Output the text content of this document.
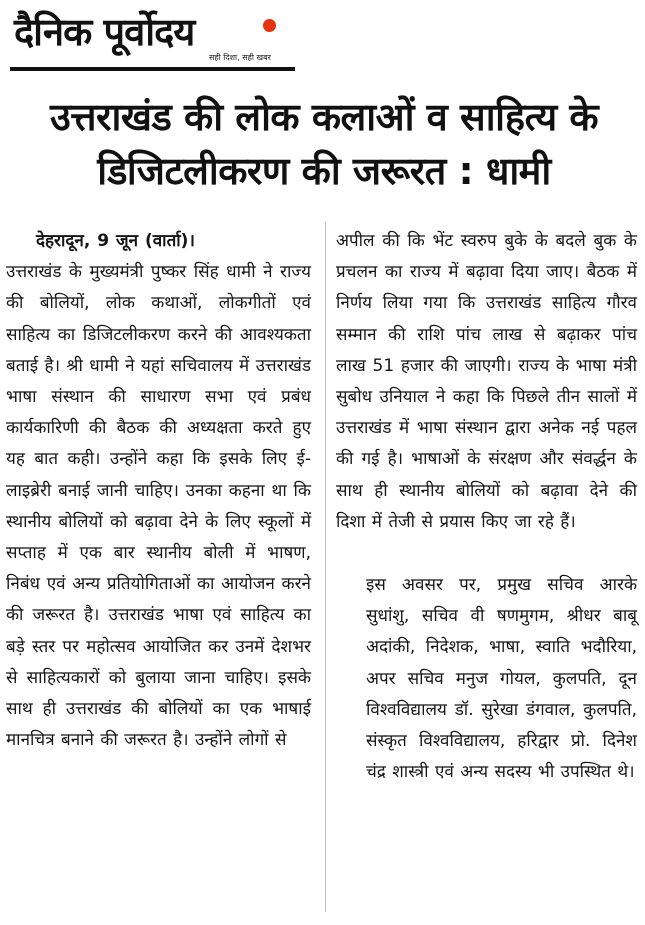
दैनिक पूर्वोदय
सही दिशा, सही खबर
उत्तराखंड की लोक कलाओं व साहित्य के डिजिटलीकरण की जरूरत : धामी

देहरादून, 9 जून (वार्ता)।

उत्तराखंड के मुख्यमंत्री पुष्कर सिंह धामी ने राज्य की बोलियों, लोक कथाओं, लोकगीतों एवं साहित्य का डिजिटलीकरण करने की आवश्यकता बताई है। श्री धामी ने यहां सचिवालय में उत्तराखंड भाषा संस्थान की साधारण सभा एवं प्रबंध कार्यकारिणी की बैठक की अध्यक्षता करते हुए यह बात कही। उन्होंने कहा कि इसके लिए ई-लाइब्रेरी बनाई जानी चाहिए। उनका कहना था कि स्थानीय बोलियों को बढ़ावा देने के लिए स्कूलों में सप्ताह में एक बार स्थानीय बोली में भाषण, निबंध एवं अन्य प्रतियोगिताओं का आयोजन करने की जरूरत है। उत्तराखंड भाषा एवं साहित्य का बड़े स्तर पर महोत्सव आयोजित कर उनमें देशभर से साहित्यकारों को बुलाया जाना चाहिए। इसके साथ ही उत्तराखंड की बोलियों का एक भाषाई मानचित्र बनाने की जरूरत है। उन्होंने लोगों से

अपील की कि भेंट स्वरुप बुके के बदले बुक के प्रचलन का राज्य में बढ़ावा दिया जाए। बैठक में निर्णय लिया गया कि उत्तराखंड साहित्य गौरव सम्मान की राशि पांच लाख से बढ़ाकर पांच लाख 51 हजार की जाएगी। राज्य के भाषा मंत्री सुबोध उनियाल ने कहा कि पिछले तीन सालों में उत्तराखंड में भाषा संस्थान द्वारा अनेक नई पहल की गई है। भाषाओं के संरक्षण और संवर्द्धन के साथ ही स्थानीय बोलियों को बढ़ावा देने की दिशा में तेजी से प्रयास किए जा रहे हैं।

इस अवसर पर, प्रमुख सचिव आरके सुधांशु, सचिव वी षणमुगम, श्रीधर बाबू अदांकी, निदेशक, भाषा, स्वाति भदौरिया, अपर सचिव मनुज गोयल, कुलपति, दून विश्वविद्यालय डॉ. सुरेखा डंगवाल, कुलपति, संस्कृत विश्वविद्यालय, हरिद्वार प्रो. दिनेश चंद्र शास्त्री एवं अन्य सदस्य भी उपस्थित थे।
